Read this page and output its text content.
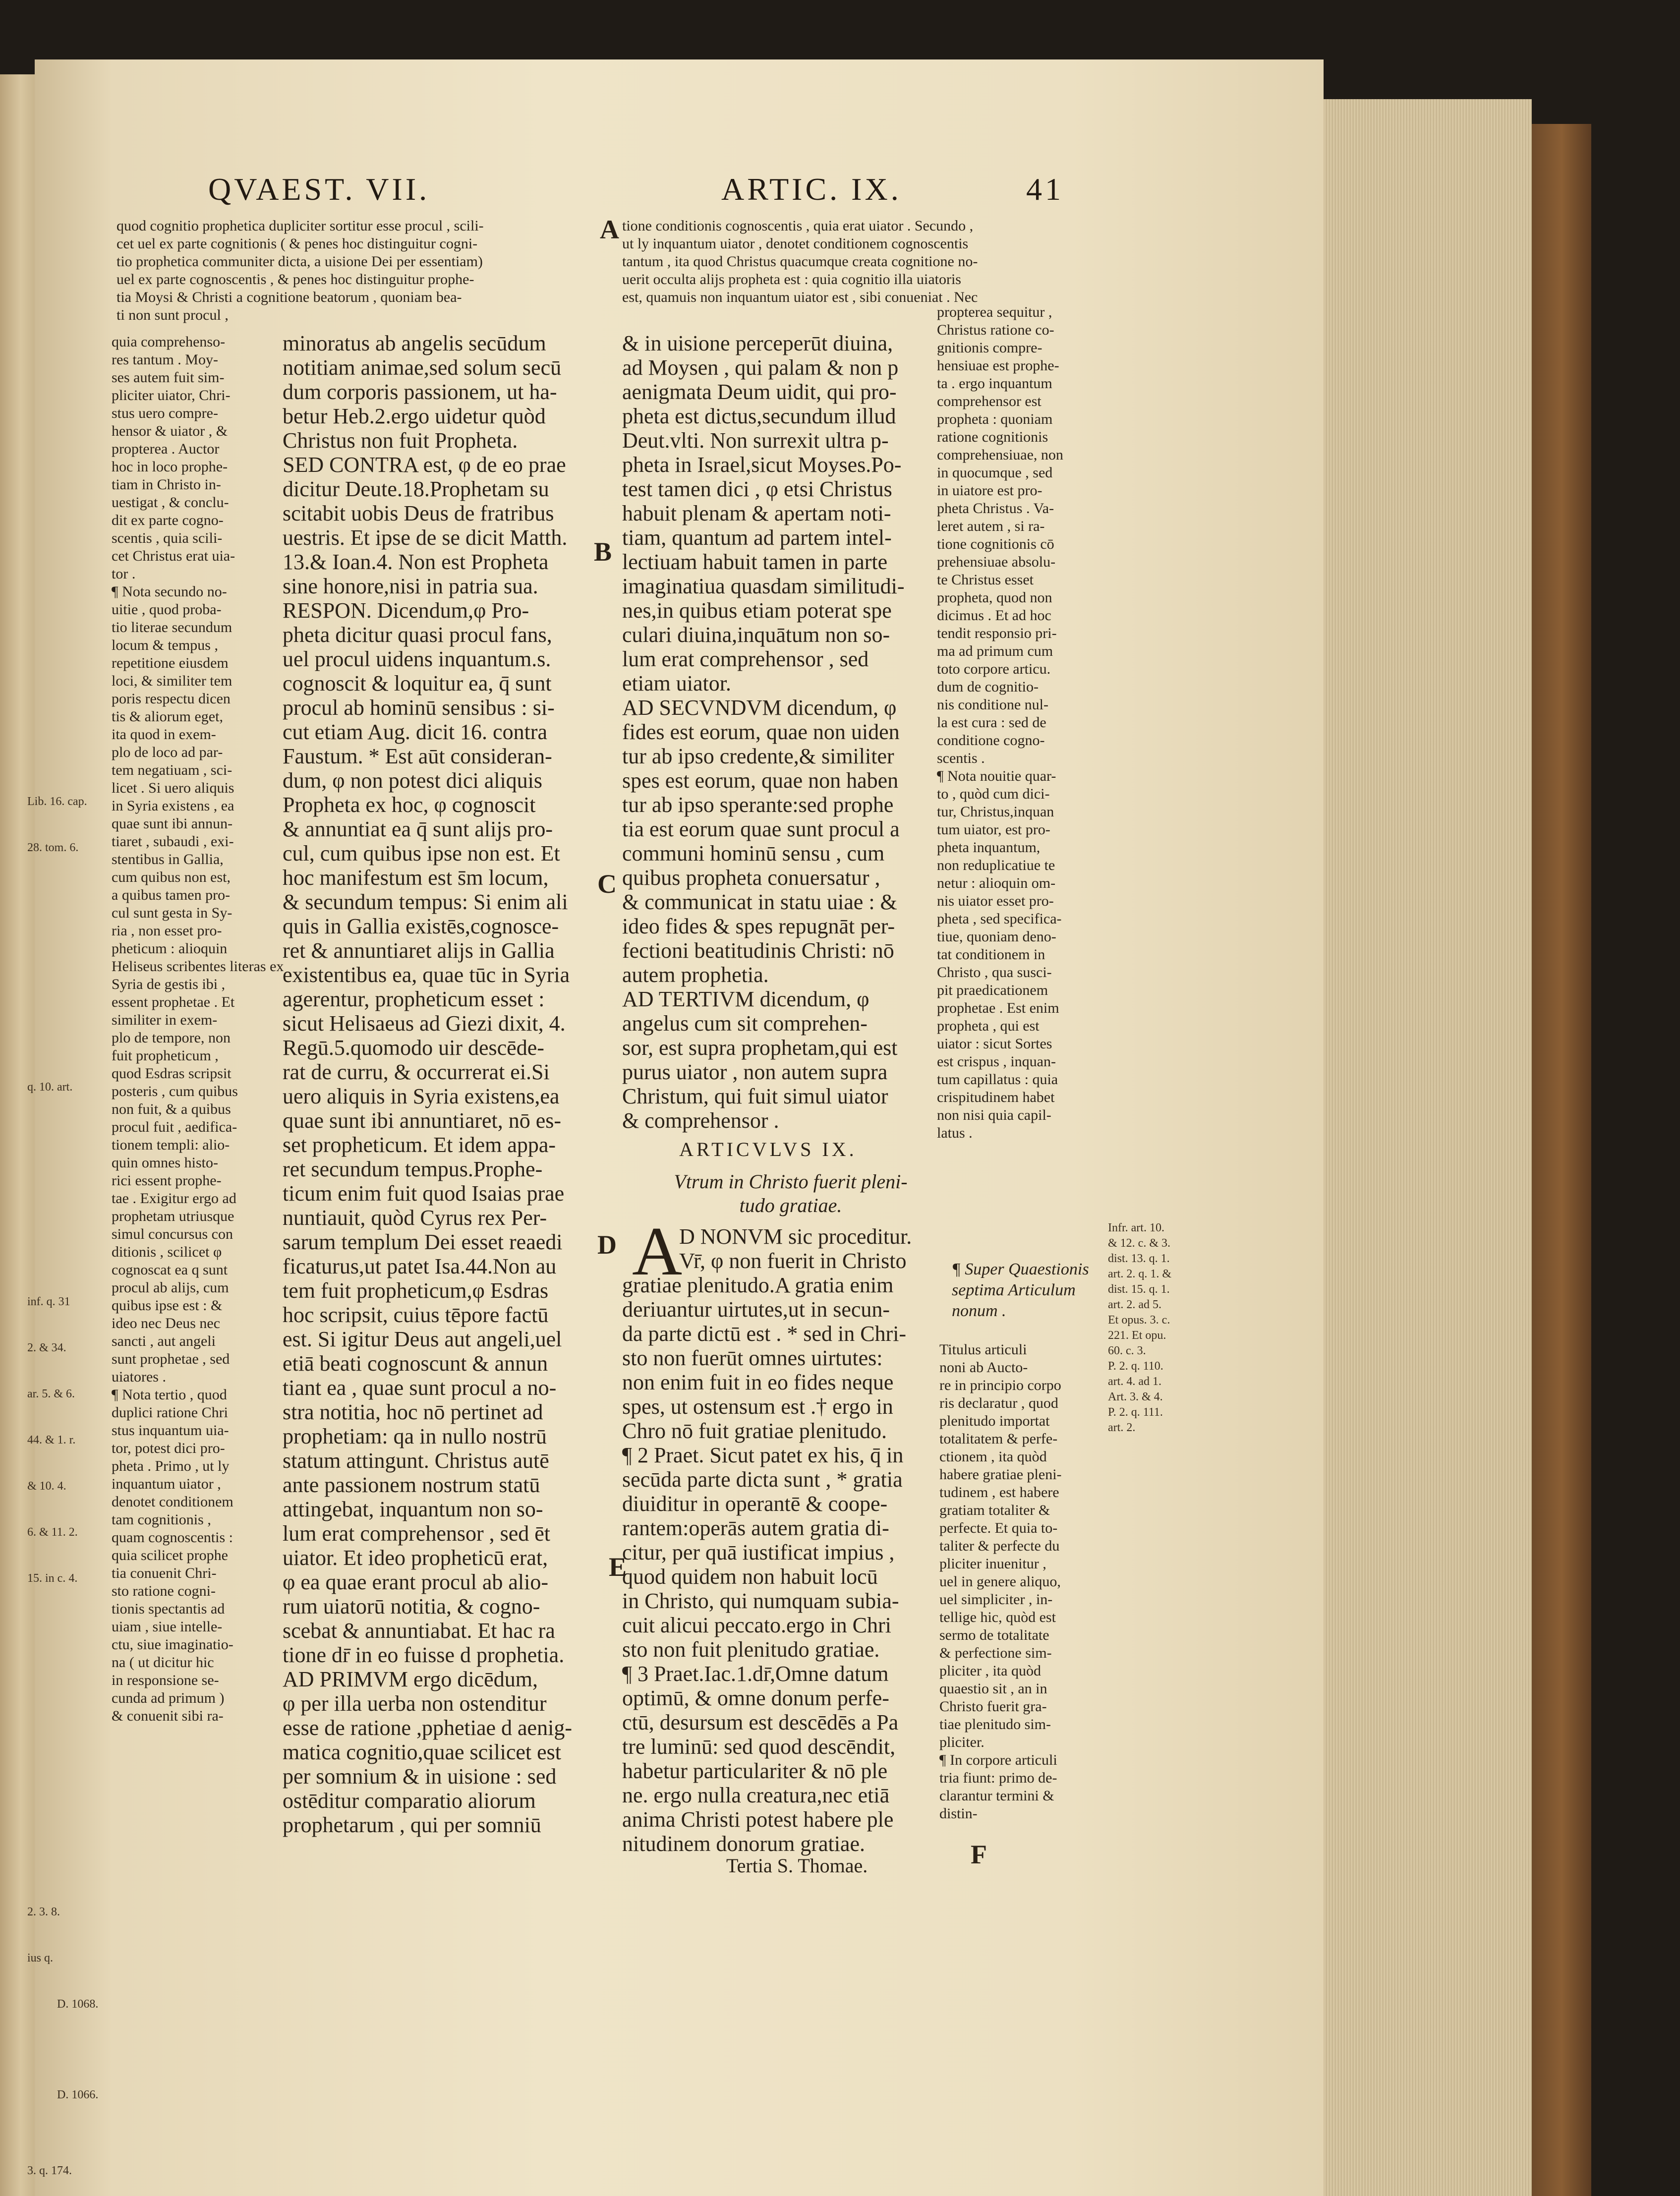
QVAEST. VII.	ARTIC. IX.	41
quod cognitio prophetica dupliciter sortitur esse procul , scili-
cet uel ex parte cognitionis ( & penes hoc distinguitur cogni-
tio prophetica communiter dicta, a uisione Dei per essentiam)
uel ex parte cognoscentis , & penes hoc distinguitur prophe-
tia Moysi & Christi a cognitione beatorum , quoniam bea-
ti non sunt procul ,
tione conditionis cognoscentis , quia erat uiator . Secundo ,
ut ly inquantum uiator , denotet conditionem cognoscentis
tantum , ita quod Christus quacumque creata cognitione no-
uerit occulta alijs propheta est : quia cognitio illa uiatoris
est, quamuis non inquantum uiator est , sibi conueniat . Nec
quia comprehenso-
res tantum . Moy-
ses autem fuit sim-
pliciter uiator, Chri-
stus uero compre-
hensor & uiator , &
propterea . Auctor
hoc in loco prophe-
tiam in Christo in-
uestigat , & conclu-
dit ex parte cogno-
scentis , quia scili-
cet Christus erat uia-
tor .
¶ Nota secundo no-
uitie , quod proba-
tio literae secundum
locum & tempus ,
repetitione eiusdem
loci, & similiter tem
poris respectu dicen
tis & aliorum eget,
ita quod in exem-
plo de loco ad par-
tem negatiuam , sci-
licet . Si uero aliquis
in Syria existens , ea
quae sunt ibi annun-
tiaret , subaudi , exi-
stentibus in Gallia,
cum quibus non est,
a quibus tamen pro-
cul sunt gesta in Sy-
ria , non esset pro-
pheticum : alioquin
Heliseus scribentes literas ex
Syria de gestis ibi ,
essent prophetae . Et
similiter in exem-
plo de tempore, non
fuit propheticum ,
quod Esdras scripsit
posteris , cum quibus
non fuit, & a quibus
procul fuit , aedifica-
tionem templi: alio-
quin omnes histo-
rici essent prophe-
tae . Exigitur ergo ad
prophetam utriusque
simul concursus con
ditionis , scilicet φ
cognoscat ea q sunt
procul ab alijs, cum
quibus ipse est : &
ideo nec Deus nec
sancti , aut angeli
sunt prophetae , sed
uiatores .
¶ Nota tertio , quod
duplici ratione Chri
stus inquantum uia-
tor, potest dici pro-
pheta . Primo , ut ly
inquantum uiator ,
denotet conditionem
tam cognitionis ,
quam cognoscentis :
quia scilicet prophe
tia conuenit Chri-
sto ratione cogni-
tionis spectantis ad
uiam , siue intelle-
ctu, siue imaginatio-
na ( ut dicitur hic
in responsione se-
cunda ad primum )
& conuenit sibi ra-

Lib. 16. cap.

28. tom. 6.

q. 10. art.

inf. q. 31

2. & 34.

ar. 5. & 6.

44. & 1. r.

& 10. 4.

6. & 11. 2.

15. in c. 4.

2. 3. 8.

ius q.

D. 1068.

D. 1066.

3. q. 174.

minoratus ab angelis secūdum
notitiam animae,sed solum secū
dum corporis passionem, ut ha-
betur Heb.2.ergo uidetur quòd
Christus non fuit Propheta.
SED CONTRA est, φ de eo prae
dicitur Deute.18.Prophetam su
scitabit uobis Deus de fratribus
uestris. Et ipse de se dicit Matth.
13.& Ioan.4. Non est Propheta
sine honore,nisi in patria sua.
RESPON. Dicendum,φ Pro-
pheta dicitur quasi procul fans,
uel procul uidens inquantum.s.
cognoscit & loquitur ea, q̄ sunt
procul ab hominū sensibus : si-
cut etiam Aug. dicit 16. contra
Faustum. * Est aūt consideran-
dum, φ non potest dici aliquis
Propheta ex hoc, φ cognoscit
& annuntiat ea q̄ sunt alijs pro-
cul, cum quibus ipse non est. Et
hoc manifestum est s̄m locum,
& secundum tempus: Si enim ali
quis in Gallia existēs,cognosce-
ret & annuntiaret alijs in Gallia
existentibus ea, quae tūc in Syria
agerentur, propheticum esset :
sicut Helisaeus ad Giezi dixit, 4.
Regū.5.quomodo uir descēde-
rat de curru, & occurrerat ei.Si
uero aliquis in Syria existens,ea
quae sunt ibi annuntiaret, nō es-
set propheticum. Et idem appa-
ret secundum tempus.Prophe-
ticum enim fuit quod Isaias prae
nuntiauit, quòd Cyrus rex Per-
sarum templum Dei esset reaedi
ficaturus,ut patet Isa.44.Non au
tem fuit propheticum,φ Esdras
hoc scripsit, cuius tēpore factū
est. Si igitur Deus aut angeli,uel
etiā beati cognoscunt & annun
tiant ea , quae sunt procul a no-
stra notitia, hoc nō pertinet ad
prophetiam: qa in nullo nostrū
statum attingunt. Christus autē
ante passionem nostrum statū
attingebat, inquantum non so-
lum erat comprehensor , sed ēt
uiator. Et ideo propheticū erat,
φ ea quae erant procul ab alio-
rum uiatorū notitia, & cogno-
scebat & annuntiabat. Et hac ra
tione dr̄ in eo fuisse d prophetia.
AD PRIMVM ergo dicēdum,
φ per illa uerba non ostenditur
esse de ratione ,pphetiae d aenig-
matica cognitio,quae scilicet est
per somnium & in uisione : sed
ostēditur comparatio aliorum
prophetarum , qui per somniū
A
B
C
D
E
F
& in uisione perceperūt diuina,
ad Moysen , qui palam & non p
aenigmata Deum uidit, qui pro-
pheta est dictus,secundum illud
Deut.vlti. Non surrexit ultra p-
pheta in Israel,sicut Moyses.Po-
test tamen dici , φ etsi Christus
habuit plenam & apertam noti-
tiam, quantum ad partem intel-
lectiuam habuit tamen in parte
imaginatiua quasdam similitudi-
nes,in quibus etiam poterat spe
culari diuina,inquātum non so-
lum erat comprehensor , sed
etiam uiator.
AD SECVNDVM dicendum, φ
fides est eorum, quae non uiden
tur ab ipso credente,& similiter
spes est eorum, quae non haben
tur ab ipso sperante:sed prophe
tia est eorum quae sunt procul a
communi hominū sensu , cum
quibus propheta conuersatur ,
& communicat in statu uiae : &
ideo fides & spes repugnāt per-
fectioni beatitudinis Christi: nō
autem prophetia.
AD TERTIVM dicendum, φ
angelus cum sit comprehen-
sor, est supra prophetam,qui est
purus uiator , non autem supra
Christum, qui fuit simul uiator
& comprehensor .
ARTICVLVS IX.
Vtrum in Christo fuerit pleni-
tudo gratiae.
A
D NONVM sic proceditur.
Vr̄, φ non fuerit in Christo
gratiae plenitudo.A gratia enim
deriuantur uirtutes,ut in secun-
da parte dictū est . * sed in Chri-
sto non fuerūt omnes uirtutes:
non enim fuit in eo fides neque
spes, ut ostensum est .† ergo in
Chro nō fuit gratiae plenitudo.
¶ 2 Praet. Sicut patet ex his, q̄ in
secūda parte dicta sunt , * gratia
diuiditur in operantē & coope-
rantem:operās autem gratia di-
citur, per quā iustificat impius ,
quod quidem non habuit locū
in Christo, qui numquam subia-
cuit alicui peccato.ergo in Chri
sto non fuit plenitudo gratiae.
¶ 3 Praet.Iac.1.dr̄,Omne datum
optimū, & omne donum perfe-
ctū, desursum est descēdēs a Pa
tre luminū: sed quod descēndit,
habetur particulariter & nō ple
ne. ergo nulla creatura,nec etiā
anima Christi potest habere ple
nitudinem donorum gratiae.
Tertia S. Thomae.
propterea sequitur ,
Christus ratione co-
gnitionis compre-
hensiuae est prophe-
ta . ergo inquantum
comprehensor est
propheta : quoniam
ratione cognitionis
comprehensiuae, non
in quocumque , sed
in uiatore est pro-
pheta Christus . Va-
leret autem , si ra-
tione cognitionis cō
prehensiuae absolu-
te Christus esset
propheta, quod non
dicimus . Et ad hoc
tendit responsio pri-
ma ad primum cum
toto corpore articu.
dum de cognitio-
nis conditione nul-
la est cura : sed de
conditione cogno-
scentis .
¶ Nota nouitie quar-
to , quòd cum dici-
tur, Christus,inquan
tum uiator, est pro-
pheta inquantum,
non reduplicatiue te
netur : alioquin om-
nis uiator esset pro-
pheta , sed specifica-
tiue, quoniam deno-
tat conditionem in
Christo , qua susci-
pit praedicationem
prophetae . Est enim
propheta , qui est
uiator : sicut Sortes
est crispus , inquan-
tum capillatus : quia
crispitudinem habet
non nisi quia capil-
latus .
¶ Super Quaestionis
septima Articulum
nonum .
Titulus articuli
noni ab Aucto-
re in principio corpo
ris declaratur , quod
plenitudo importat
totalitatem & perfe-
ctionem , ita quòd
habere gratiae pleni-
tudinem , est habere
gratiam totaliter &
perfecte. Et quia to-
taliter & perfecte du
pliciter inuenitur ,
uel in genere aliquo,
uel simpliciter , in-
tellige hic, quòd est
sermo de totalitate
& perfectione sim-
pliciter , ita quòd
quaestio sit , an in
Christo fuerit gra-
tiae plenitudo sim-
pliciter.
¶ In corpore articuli
tria fiunt: primo de-
clarantur termini &
distin-
Infr. art. 10.
& 12. c. & 3.
dist. 13. q. 1.
art. 2. q. 1. &
dist. 15. q. 1.
art. 2. ad 5.
Et opus. 3. c.
221. Et opu.
60. c. 3.
P. 2. q. 110.
art. 4. ad 1.
Art. 3. & 4.
P. 2. q. 111.
art. 2.
